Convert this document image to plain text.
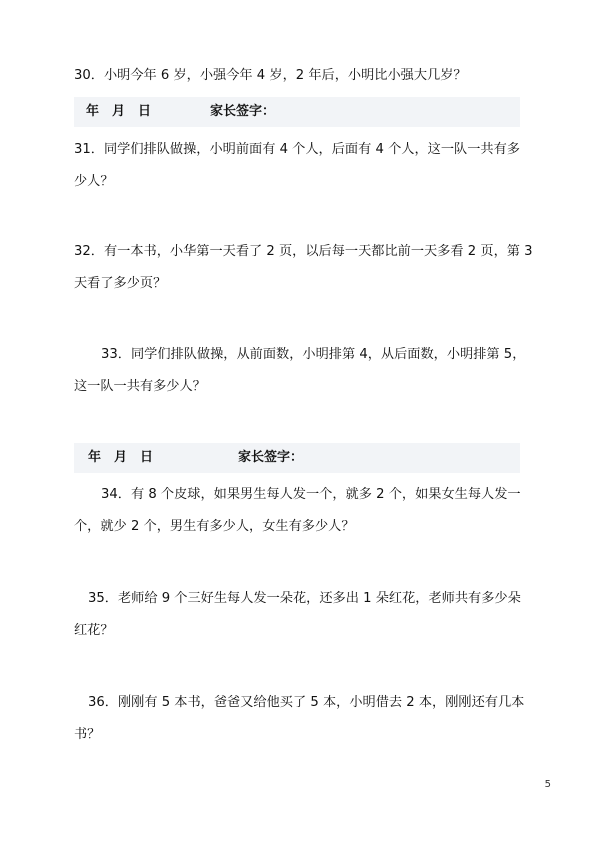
30．小明今年 6 岁，小强今年 4 岁，2 年后，小明比小强大几岁？

年　月　日	家长签字：

31．同学们排队做操，小明前面有 4 个人，后面有 4 个人，这一队一共有多

少人？

32．有一本书，小华第一天看了 2 页，以后每一天都比前一天多看 2 页，第 3

天看了多少页？

33．同学们排队做操，从前面数，小明排第 4，从后面数，小明排第 5，

这一队一共有多少人？

年　月　日	家长签字：

34．有 8 个皮球，如果男生每人发一个，就多 2 个，如果女生每人发一

个，就少 2 个，男生有多少人，女生有多少人？

35．老师给 9 个三好生每人发一朵花，还多出 1 朵红花，老师共有多少朵

红花？

36．刚刚有 5 本书，爸爸又给他买了 5 本，小明借去 2 本，刚刚还有几本

书？

5
